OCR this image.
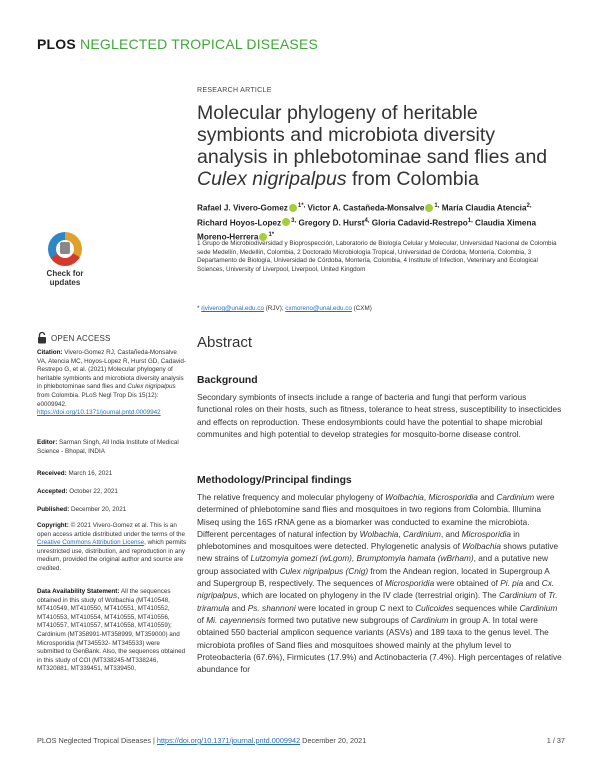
PLOS NEGLECTED TROPICAL DISEASES
Check for
updates
OPEN ACCESS
Citation: Vivero-Gomez RJ, Castañeda-Monsalve VA, Atencia MC, Hoyos-Lopez R, Hurst GD, Cadavid-Restrepo G, et al. (2021) Molecular phylogeny of heritable symbionts and microbiota diversity analysis in phlebotominae sand flies and Culex nigripalpus from Colombia. PLoS Negl Trop Dis 15(12): e0009942. https://doi.org/10.1371/journal.pntd.0009942
Editor: Sarman Singh, All India Institute of Medical Science - Bhopal, INDIA
Received: March 16, 2021
Accepted: October 22, 2021
Published: December 20, 2021
Copyright: © 2021 Vivero-Gomez et al. This is an open access article distributed under the terms of the Creative Commons Attribution License, which permits unrestricted use, distribution, and reproduction in any medium, provided the original author and source are credited.
Data Availability Statement: All the sequences obtained in this study of Wolbachia (MT410548, MT410549, MT410550, MT410551, MT410552, MT410553, MT410554, MT410555, MT410556, MT410557, MT410557, MT410558, MT410559); Cardinium (MT358991-MT358999, MT359000) and Microsporidia (MT345532- MT345533) were submitted to GenBank. Also, the sequences obtained in this study of COI (MT338245-MT338246, MT320881, MT339451, MT339450,
RESEARCH ARTICLE
Molecular phylogeny of heritable symbionts and microbiota diversity analysis in phlebotominae sand flies and Culex nigripalpus from Colombia
Rafael J. Vivero-Gomez $^{1*,}$ Victor A. Castañeda-Monsalve $^{1,}$ María Claudia Atencia$^{2,}$ Richard Hoyos-Lopez $^{3,}$ Gregory D. Hurst$^{4,}$ Gloria Cadavid-Restrepo$^{1,}$ Claudia Ximena Moreno-Herrera $^{1*}$
1 Grupo de Microbiodiversidad y Bioprospección, Laboratorio de Biología Celular y Molecular, Universidad Nacional de Colombia sede Medellín, Medellín, Colombia, 2 Doctorado Microbiología Tropical, Universidad de Córdoba, Montería, Colombia, 3 Departamento de Biología, Universidad de Córdoba, Montería, Colombia, 4 Institute of Infection, Veterinary and Ecological Sciences, University of Liverpool, Liverpool, United Kingdom
* rjviverog@unal.edu.co (RJV); cxmoreno@unal.edu.co (CXM)
Abstract
Background
Secondary symbionts of insects include a range of bacteria and fungi that perform various functional roles on their hosts, such as fitness, tolerance to heat stress, susceptibility to insecticides and effects on reproduction. These endosymbionts could have the potential to shape microbial communites and high potential to develop strategies for mosquito-borne disease control.
Methodology/Principal findings
The relative frequency and molecular phylogeny of Wolbachia, Microsporidia and Cardinium were determined of phlebotomine sand flies and mosquitoes in two regions from Colombia. Illumina Miseq using the 16S rRNA gene as a biomarker was conducted to examine the microbiota. Different percentages of natural infection by Wolbachia, Cardinium, and Microsporidia in phlebotomines and mosquitoes were detected. Phylogenetic analysis of Wolbachia shows putative new strains of Lutzomyia gomezi (wLgom), Brumptomyia hamata (wBrham), and a putative new group associated with Culex nigripalpus (Cnig) from the Andean region, located in Supergroup A and Supergroup B, respectively. The sequences of Microsporidia were obtained of Pi. pia and Cx. nigripalpus, which are located on phylogeny in the IV clade (terrestrial origin). The Cardinium of Tr. triramula and Ps. shannoni were located in group C next to Culicoides sequences while Cardinium of Mi. cayennensis formed two putative new subgroups of Cardinium in group A. In total were obtained 550 bacterial amplicon sequence variants (ASVs) and 189 taxa to the genus level. The microbiota profiles of Sand flies and mosquitoes showed mainly at the phylum level to Proteobacteria (67.6%), Firmicutes (17.9%) and Actinobacteria (7.4%). High percentages of relative abundance for
PLOS Neglected Tropical Diseases | https://doi.org/10.1371/journal.pntd.0009942 December 20, 2021	1 / 37
